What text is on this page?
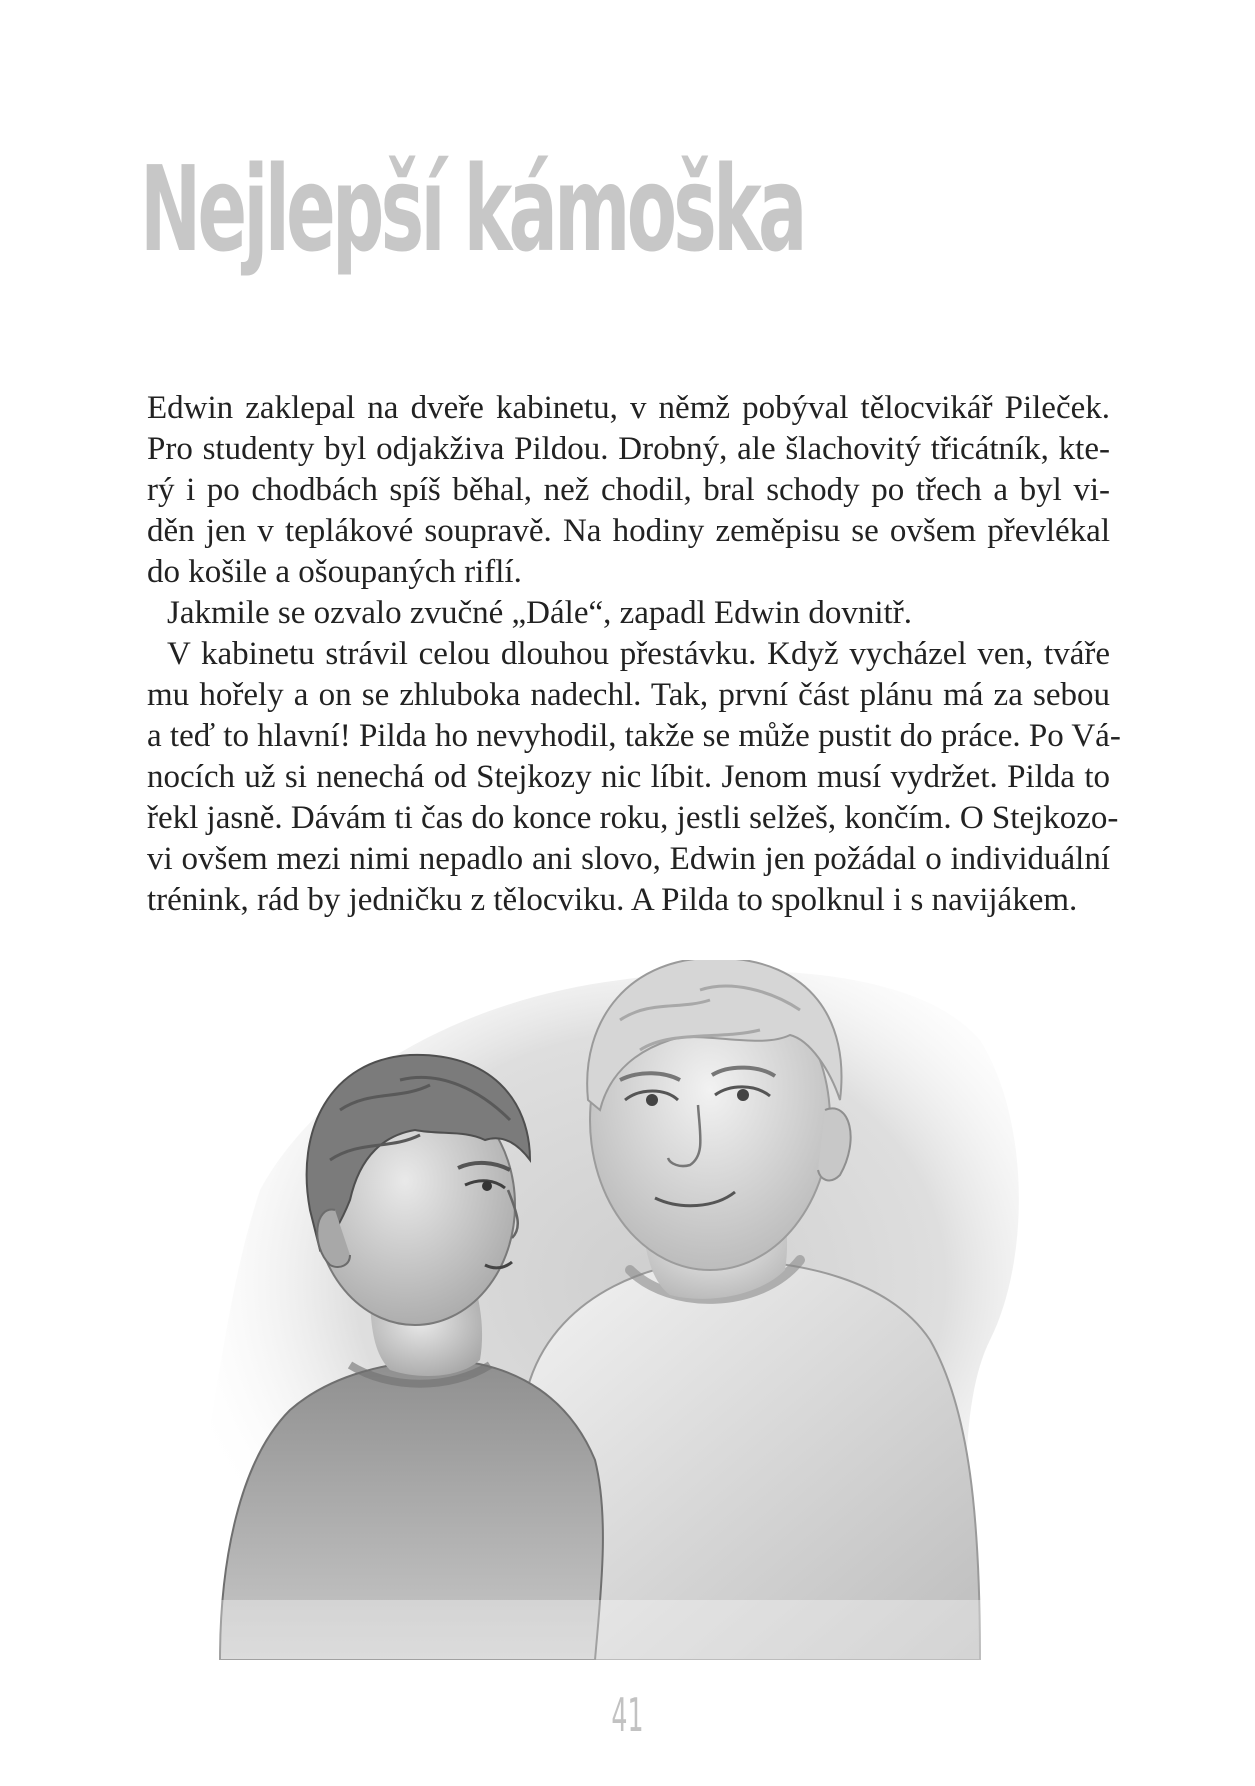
Nejlepší kámoška

Edwin zaklepal na dveře kabinetu, v němž pobýval tělocvikář Pileček.
Pro studenty byl odjakživa Pildou. Drobný, ale šlachovitý třicátník, kte-
rý i po chodbách spíš běhal, než chodil, bral schody po třech a byl vi-
děn jen v teplákové soupravě. Na hodiny zeměpisu se ovšem převlékal
do košile a ošoupaných riflí.

Jakmile se ozvalo zvučné „Dále“, zapadl Edwin dovnitř.

V kabinetu strávil celou dlouhou přestávku. Když vycházel ven, tváře
mu hořely a on se zhluboka nadechl. Tak, první část plánu má za sebou
a teď to hlavní! Pilda ho nevyhodil, takže se může pustit do práce. Po Vá-
nocích už si nenechá od Stejkozy nic líbit. Jenom musí vydržet. Pilda to
řekl jasně. Dávám ti čas do konce roku, jestli selžeš, končím. O Stejkozo-
vi ovšem mezi nimi nepadlo ani slovo, Edwin jen požádal o individuální
trénink, rád by jedničku z tělocviku. A Pilda to spolknul i s navijákem.

41
